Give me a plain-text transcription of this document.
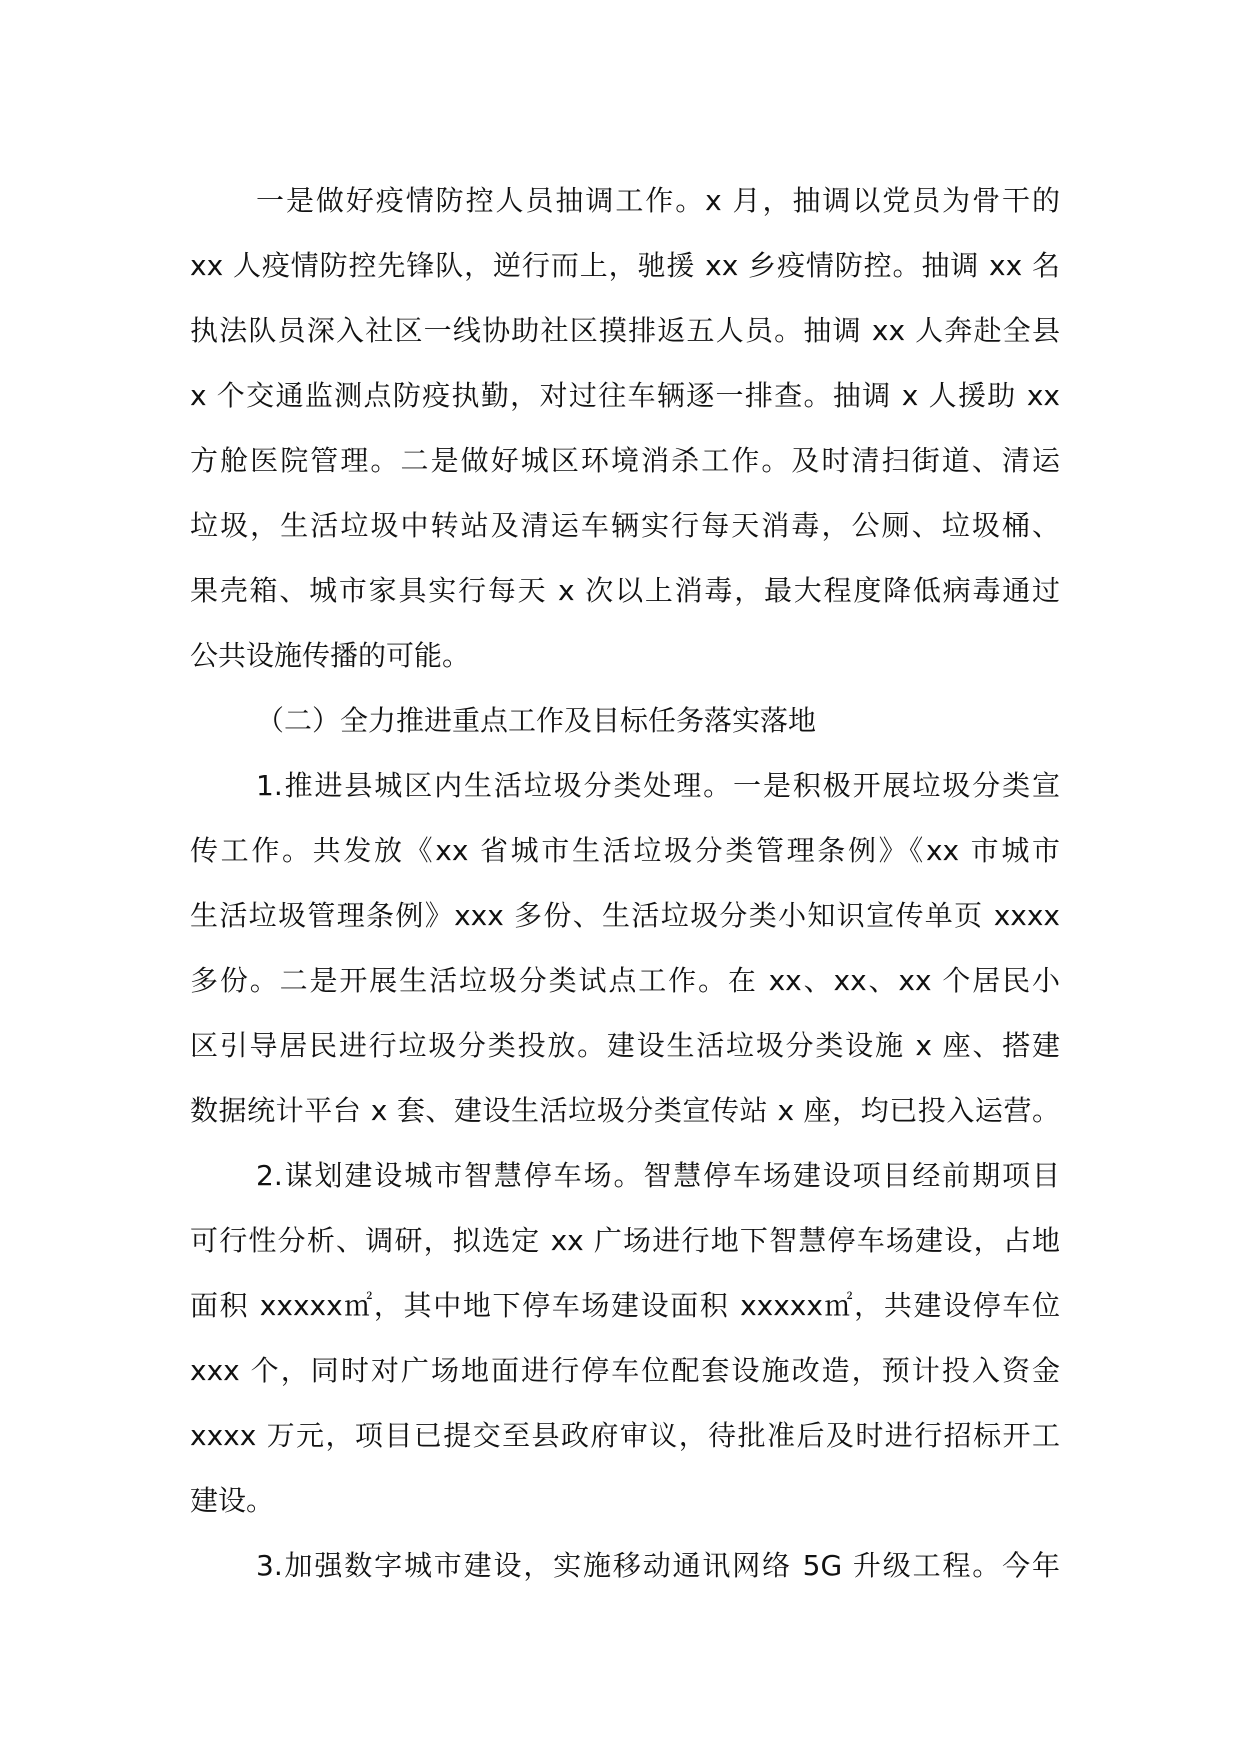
一是做好疫情防控人员抽调工作。x 月，抽调以党员为骨干的
xx 人疫情防控先锋队，逆行而上，驰援 xx 乡疫情防控。抽调 xx 名
执法队员深入社区一线协助社区摸排返五人员。抽调 xx 人奔赴全县
x 个交通监测点防疫执勤，对过往车辆逐一排查。抽调 x 人援助 xx
方舱医院管理。二是做好城区环境消杀工作。及时清扫街道、清运
垃圾，生活垃圾中转站及清运车辆实行每天消毒，公厕、垃圾桶、
果壳箱、城市家具实行每天 x 次以上消毒，最大程度降低病毒通过
公共设施传播的可能。
（二）全力推进重点工作及目标任务落实落地
1.推进县城区内生活垃圾分类处理。一是积极开展垃圾分类宣
传工作。共发放《xx 省城市生活垃圾分类管理条例》《xx 市城市
生活垃圾管理条例》xxx 多份、生活垃圾分类小知识宣传单页 xxxx
多份。二是开展生活垃圾分类试点工作。在 xx、xx、xx 个居民小
区引导居民进行垃圾分类投放。建设生活垃圾分类设施 x 座、搭建
数据统计平台 x 套、建设生活垃圾分类宣传站 x 座，均已投入运营。
2.谋划建设城市智慧停车场。智慧停车场建设项目经前期项目
可行性分析、调研，拟选定 xx 广场进行地下智慧停车场建设，占地
面积 xxxxx㎡，其中地下停车场建设面积 xxxxx㎡，共建设停车位
xxx 个，同时对广场地面进行停车位配套设施改造，预计投入资金
xxxx 万元，项目已提交至县政府审议，待批准后及时进行招标开工
建设。
3.加强数字城市建设，实施移动通讯网络 5G 升级工程。今年
